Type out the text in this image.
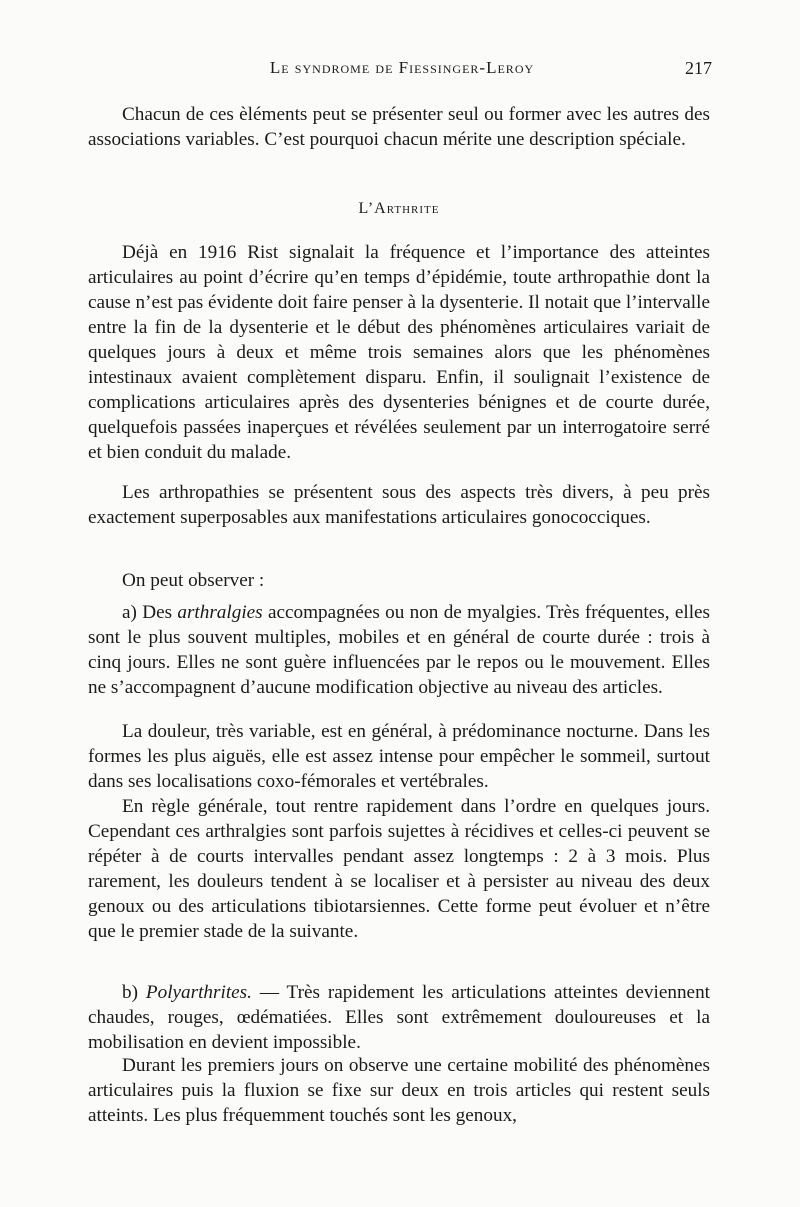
Le syndrome de Fiessinger-Leroy	217

Chacun de ces èléments peut se présenter seul ou former avec les autres des associations variables. C’est pourquoi chacun mérite une description spéciale.

L’Arthrite

Déjà en 1916 Rist signalait la fréquence et l’importance des atteintes articulaires au point d’écrire qu’en temps d’épidémie, toute arthropathie dont la cause n’est pas évidente doit faire penser à la dysenterie. Il notait que l’intervalle entre la fin de la dysenterie et le début des phénomènes articulaires variait de quelques jours à deux et même trois semaines alors que les phénomènes intestinaux avaient complètement disparu. Enfin, il soulignait l’existence de complications articulaires après des dysenteries bénignes et de courte durée, quelquefois passées inaperçues et révélées seulement par un interrogatoire serré et bien conduit du malade.

Les arthropathies se présentent sous des aspects très divers, à peu près exactement superposables aux manifestations articulaires gonococciques.

On peut observer :

a) Des arthralgies accompagnées ou non de myalgies. Très fréquentes, elles sont le plus souvent multiples, mobiles et en général de courte durée : trois à cinq jours. Elles ne sont guère influencées par le repos ou le mouvement. Elles ne s’accompagnent d’aucune modification objective au niveau des articles.

La douleur, très variable, est en général, à prédominance nocturne. Dans les formes les plus aiguës, elle est assez intense pour empêcher le sommeil, surtout dans ses localisations coxo-fémorales et vertébrales.

En règle générale, tout rentre rapidement dans l’ordre en quelques jours. Cependant ces arthralgies sont parfois sujettes à récidives et celles-ci peuvent se répéter à de courts intervalles pendant assez longtemps : 2 à 3 mois. Plus rarement, les douleurs tendent à se localiser et à persister au niveau des deux genoux ou des articulations tibiotarsiennes. Cette forme peut évoluer et n’être que le premier stade de la suivante.

b) Polyarthrites. — Très rapidement les articulations atteintes deviennent chaudes, rouges, œdématiées. Elles sont extrêmement douloureuses et la mobilisation en devient impossible.

Durant les premiers jours on observe une certaine mobilité des phénomènes articulaires puis la fluxion se fixe sur deux en trois articles qui restent seuls atteints. Les plus fréquemment touchés sont les genoux,
